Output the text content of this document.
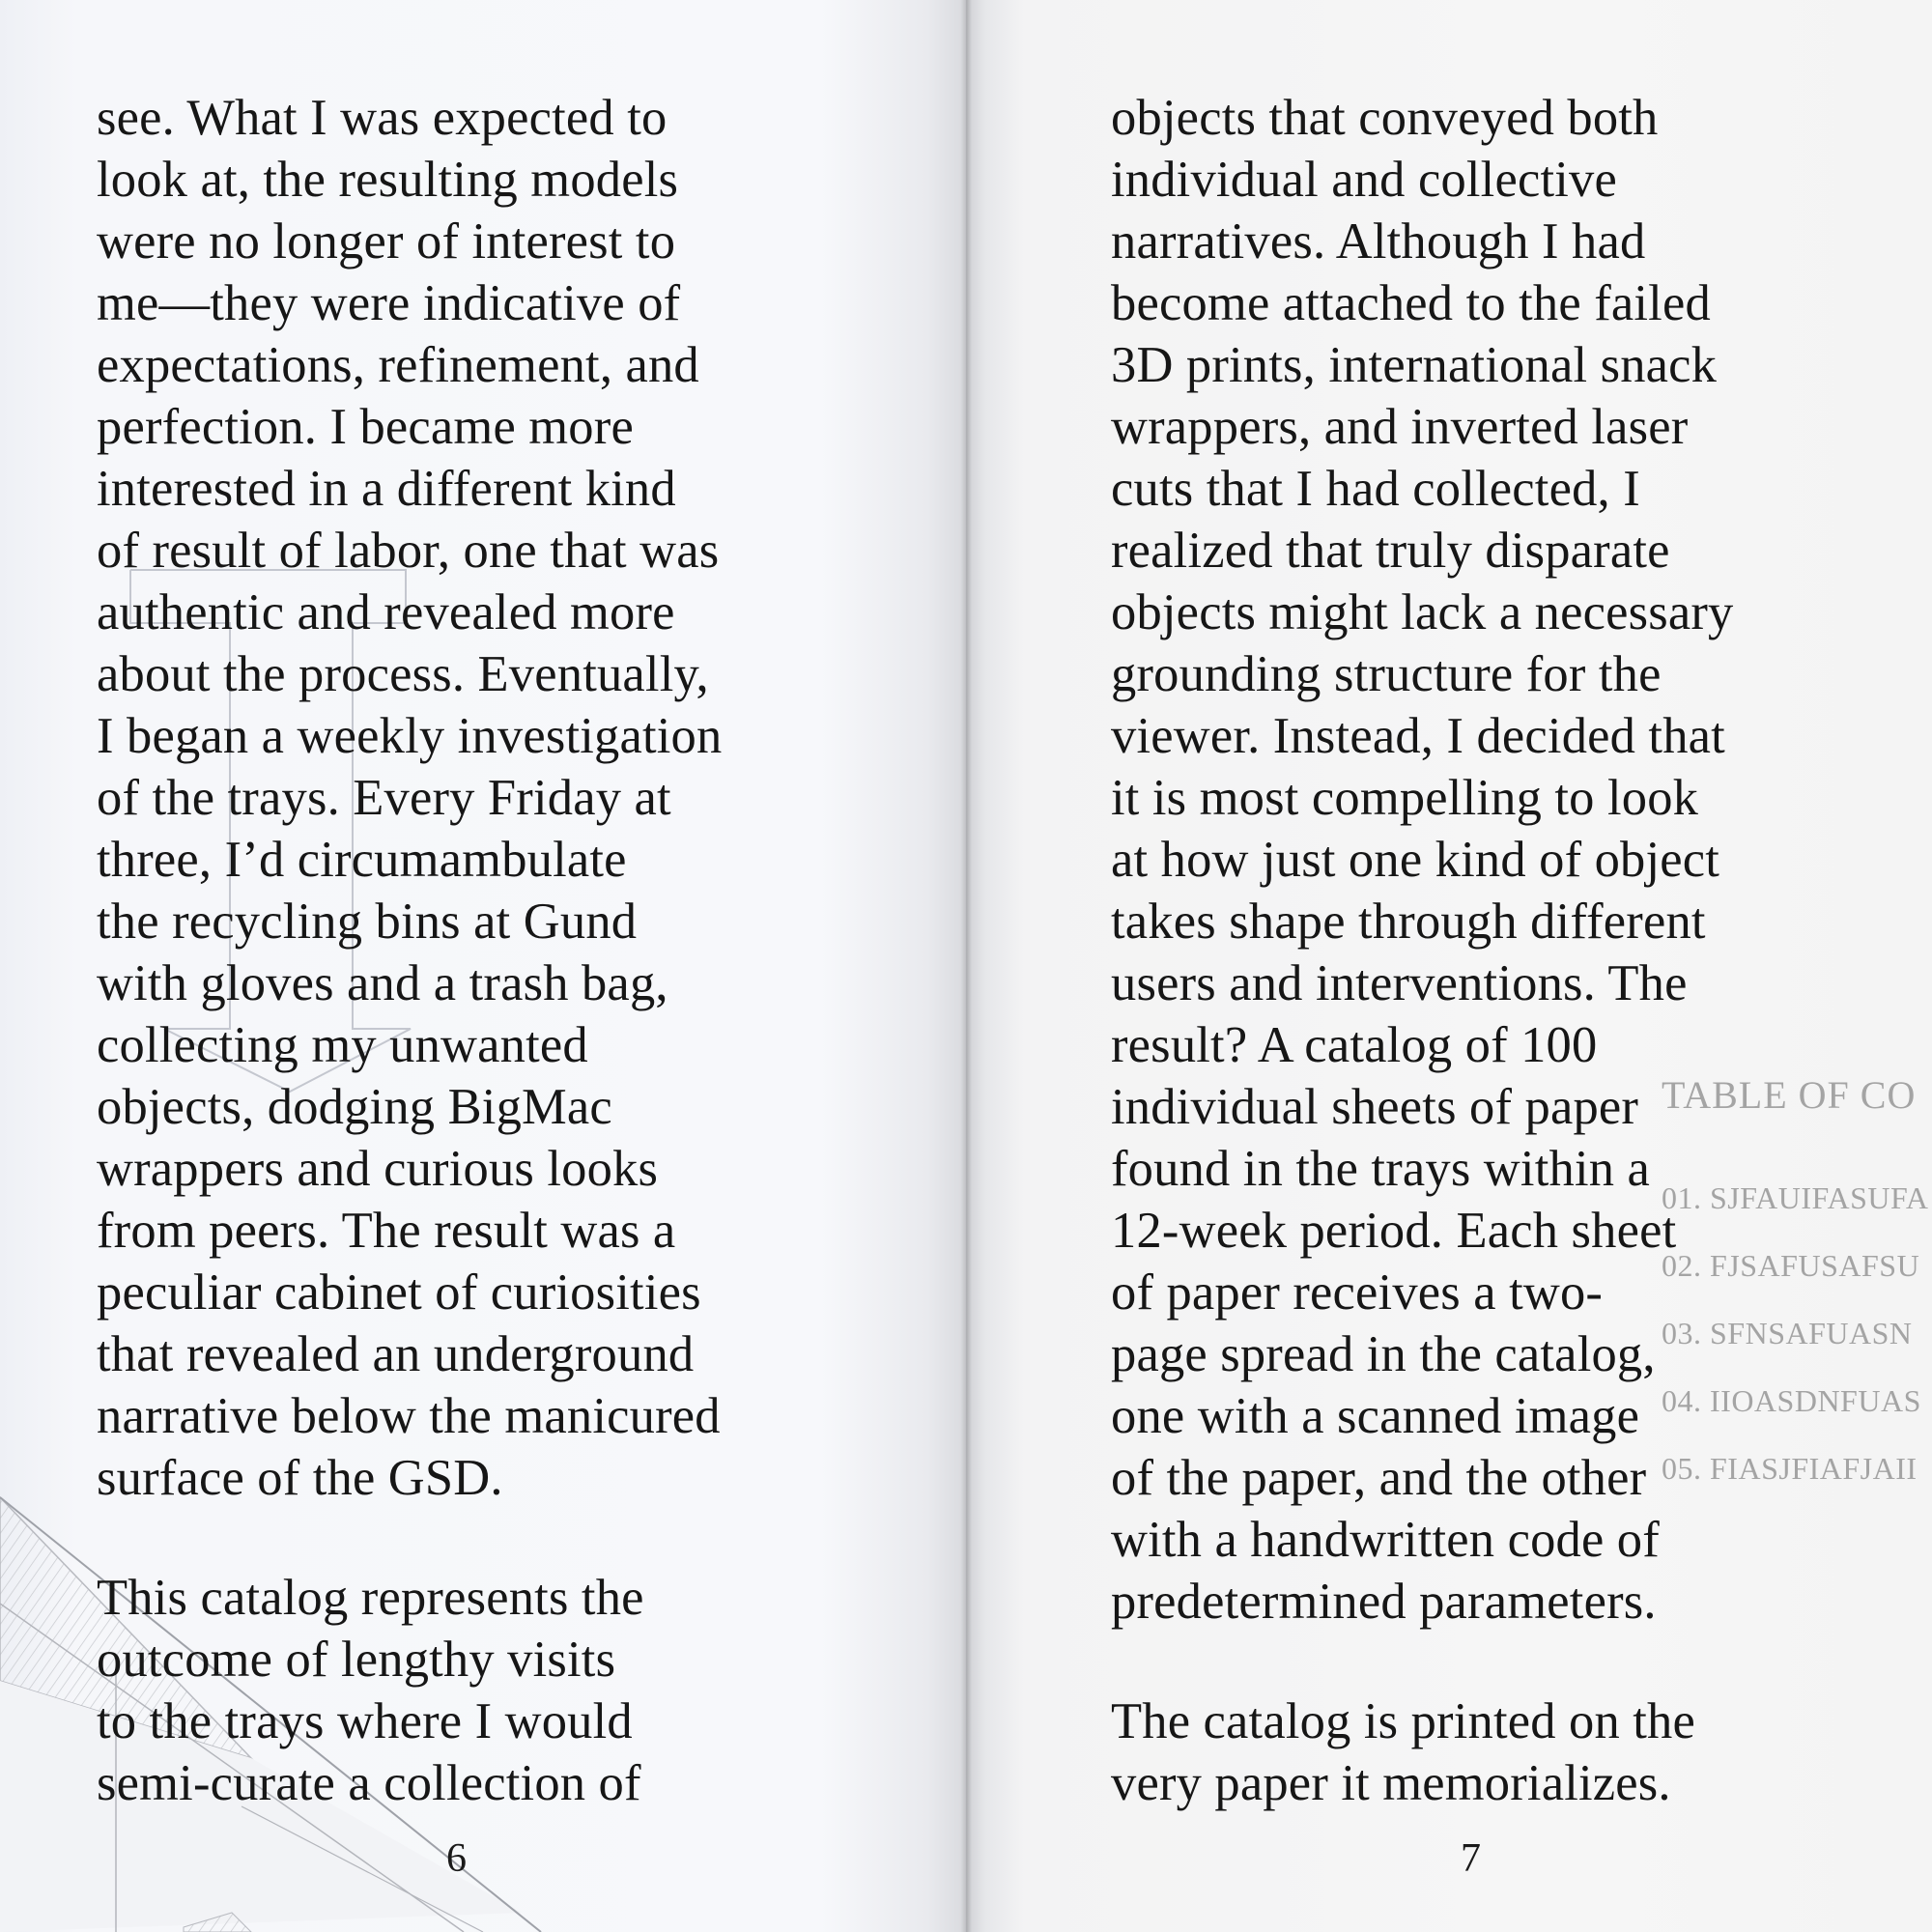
see. What I was expected to
look at, the resulting models
were no longer of interest to
me—they were indicative of
expectations, refinement, and
perfection. I became more
interested in a different kind
of result of labor, one that was
authentic and revealed more
about the process. Eventually,
I began a weekly investigation
of the trays. Every Friday at
three, I’d circumambulate
the recycling bins at Gund
with gloves and a trash bag,
collecting my unwanted
objects, dodging BigMac
wrappers and curious looks
from peers. The result was a
peculiar cabinet of curiosities
that revealed an underground
narrative below the manicured
surface of the GSD.

This catalog represents the
outcome of lengthy visits
to the trays where I would
semi-curate a collection of

6
TABLE OF CO
01. SJFAUIFASUFA
02. FJSAFUSAFSU
03. SFNSAFUASN
04. IIOASDNFUAS
05. FIASJFIAFJAII

objects that conveyed both
individual and collective
narratives. Although I had
become attached to the failed
3D prints, international snack
wrappers, and inverted laser
cuts that I had collected, I
realized that truly disparate
objects might lack a necessary
grounding structure for the
viewer. Instead, I decided that
it is most compelling to look
at how just one kind of object
takes shape through different
users and interventions. The
result? A catalog of 100
individual sheets of paper
found in the trays within a
12-week period. Each sheet
of paper receives a two-
page spread in the catalog,
one with a scanned image
of the paper, and the other
with a handwritten code of
predetermined parameters.

The catalog is printed on the
very paper it memorializes.

7
